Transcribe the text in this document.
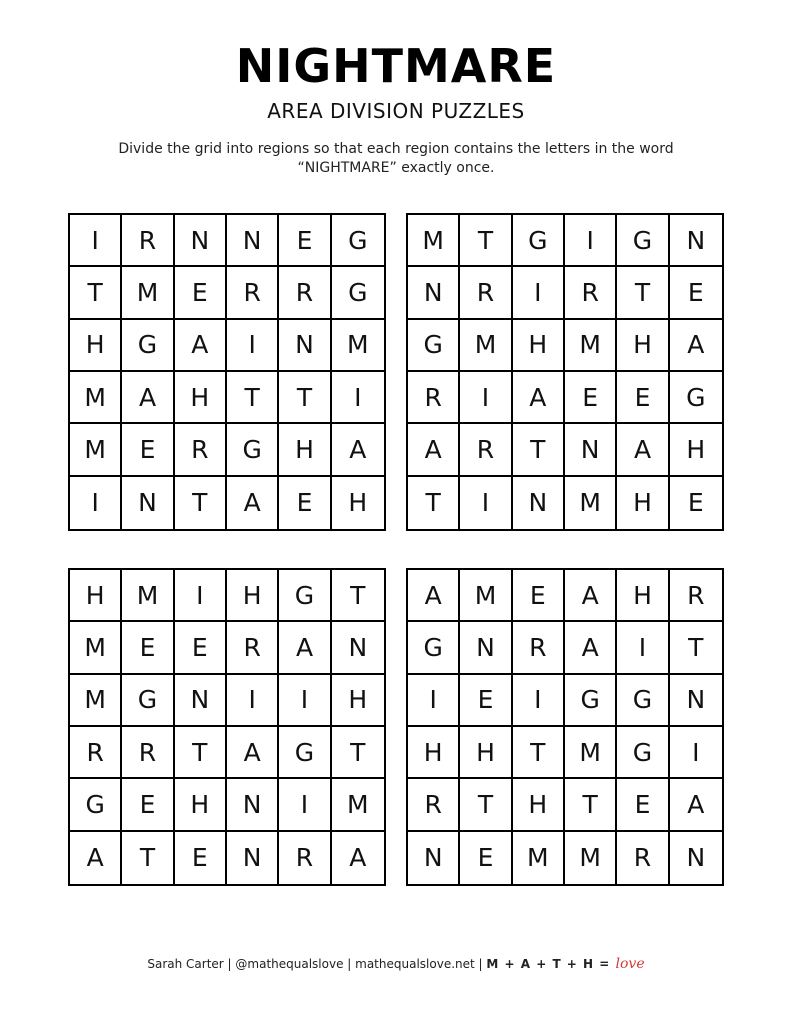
NIGHTMARE
AREA DIVISION PUZZLES
Divide the grid into regions so that each region contains the letters in the word “NIGHTMARE” exactly once.
I	R	N	N	E	G
T	M	E	R	R	G
H	G	A	I	N	M
M	A	H	T	T	I
M	E	R	G	H	A
I	N	T	A	E	H
M	T	G	I	G	N
N	R	I	R	T	E
G	M	H	M	H	A
R	I	A	E	E	G
A	R	T	N	A	H
T	I	N	M	H	E
H	M	I	H	G	T
M	E	E	R	A	N
M	G	N	I	I	H
R	R	T	A	G	T
G	E	H	N	I	M
A	T	E	N	R	A
A	M	E	A	H	R
G	N	R	A	I	T
I	E	I	G	G	N
H	H	T	M	G	I
R	T	H	T	E	A
N	E	M	M	R	N
Sarah Carter | @mathequalslove | mathequalslove.net | M + A + T + H = love
